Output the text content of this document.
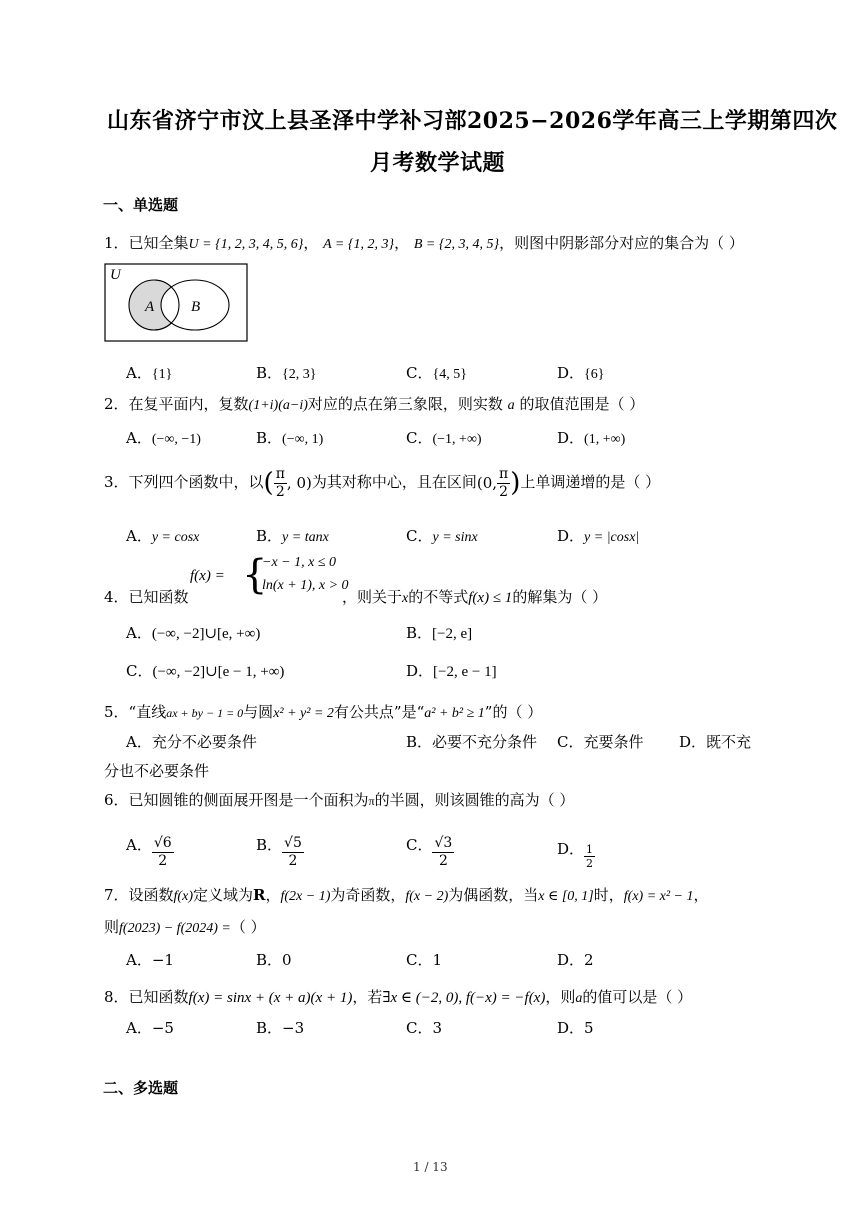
山东省济宁市汶上县圣泽中学补习部2025−2026学年高三上学期第四次
月考数学试题
一、单选题
1．已知全集U = {1, 2, 3, 4, 5, 6}， A = {1, 2, 3}， B = {2, 3, 4, 5}，则图中阴影部分对应的集合为（ ）
U
A B
A．{1}	B．{2, 3}	C．{4, 5}	D．{6}
2．在复平面内，复数(1+i)(a−i)对应的点在第三象限，则实数 a 的取值范围是（ ）
A．(−∞, −1)	B．(−∞, 1)	C．(−1, +∞)	D．(1, +∞)
3．下列四个函数中，以( $\frac{\pi}{2}$ , 0)为其对称中心，且在区间(0, $\frac{\pi}{2}$ )上单调递增的是（ ）
A．y = cosx	B．y = tanx	C．y = sinx	D．y = |cosx|
4．已知函数
f(x) = {
−x − 1, x ≤ 0
ln(x + 1), x > 0
，则关于x的不等式f(x) ≤ 1的解集为（ ）
A．(−∞, −2]∪[e, +∞)	B．[−2, e]
C．(−∞, −2]∪[e − 1, +∞)	D．[−2, e − 1]
5．“直线ax + by − 1 = 0与圆x² + y² = 2有公共点”是“a² + b² ≥ 1”的（ ）
A．充分不必要条件	B．必要不充分条件 C．充要条件 D．既不充
分也不必要条件
6．已知圆锥的侧面展开图是一个面积为π的半圆，则该圆锥的高为（ ）
A． $\frac{√6}{2}$	B． $\frac{√5}{2}$	C． $\frac{√3}{2}$	D． $\frac{1}{2}$
7．设函数f(x)定义域为R，f(2x − 1)为奇函数，f(x − 2)为偶函数，当x ∈ [0, 1]时，f(x) = x² − 1，
则f(2023) − f(2024) =（ ）
A．−1	B．0	C．1	D．2
8．已知函数f(x) = sinx + (x + a)(x + 1)，若∃x ∈ (−2, 0), f(−x) = −f(x)，则a的值可以是（ ）
A．−5	B．−3	C．3	D．5
二、多选题
1 / 13
